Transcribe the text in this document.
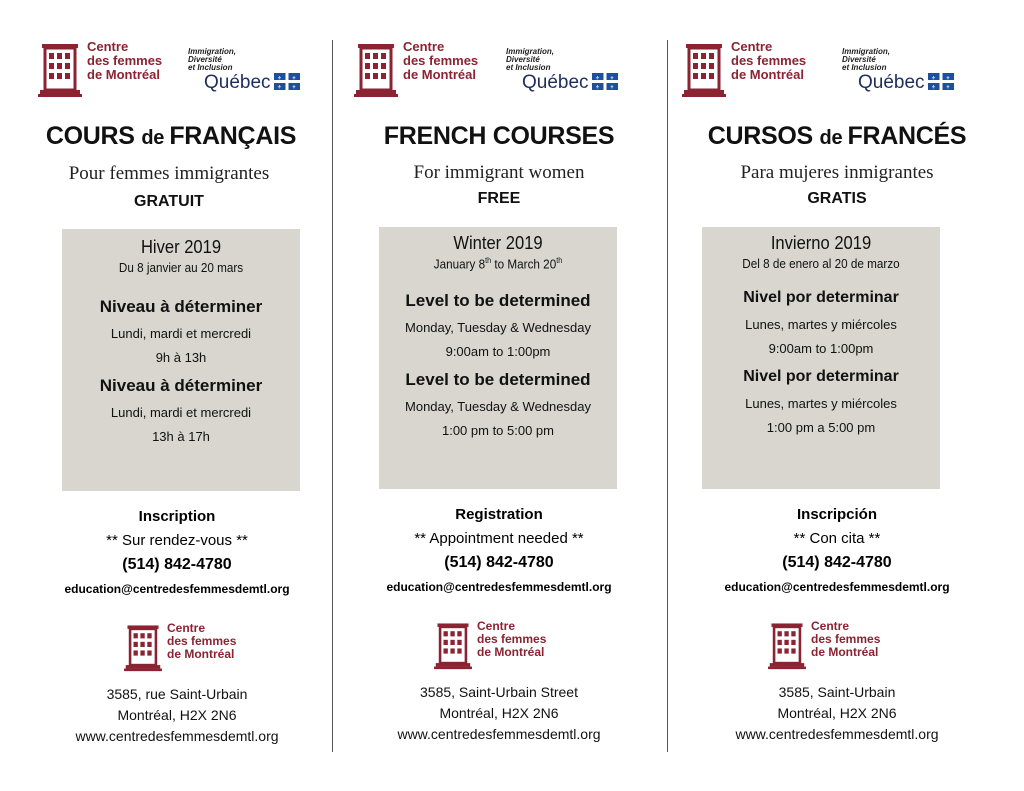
Centre
des femmes
de Montréal
Immigration,
Diversité
et Inclusion
Québec ⚜ ⚜
⚜ ⚜
COURS de FRANÇAIS
Pour femmes immigrantes
GRATUIT
Hiver 2019
Du 8 janvier au 20 mars
Niveau à déterminer
Lundi, mardi et mercredi
9h à 13h
Niveau à déterminer
Lundi, mardi et mercredi
13h à 17h
Inscription
** Sur rendez-vous **
(514) 842-4780
education@centredesfemmesdemtl.org
Centre
des femmes
de Montréal
3585, rue Saint-Urbain
Montréal, H2X 2N6
www.centredesfemmesdemtl.org
Centre
des femmes
de Montréal
Immigration,
Diversité
et Inclusion
Québec ⚜ ⚜
⚜ ⚜
FRENCH COURSES
For immigrant women
FREE
Winter 2019
January 8th to March 20th
Level to be determined
Monday, Tuesday & Wednesday
9:00am to 1:00pm
Level to be determined
Monday, Tuesday & Wednesday
1:00 pm to 5:00 pm
Registration
** Appointment needed **
(514) 842-4780
education@centredesfemmesdemtl.org
Centre
des femmes
de Montréal
3585, Saint-Urbain Street
Montréal, H2X 2N6
www.centredesfemmesdemtl.org
Centre
des femmes
de Montréal
Immigration,
Diversité
et Inclusion
Québec ⚜ ⚜
⚜ ⚜
CURSOS de FRANCÉS
Para mujeres inmigrantes
GRATIS
Invierno 2019
Del 8 de enero al 20 de marzo
Nivel por determinar
Lunes, martes y miércoles
9:00am to 1:00pm
Nivel por determinar
Lunes, martes y miércoles
1:00 pm a 5:00 pm
Inscripción
** Con cita **
(514) 842-4780
education@centredesfemmesdemtl.org
Centre
des femmes
de Montréal
3585, Saint-Urbain
Montréal, H2X 2N6
www.centredesfemmesdemtl.org
